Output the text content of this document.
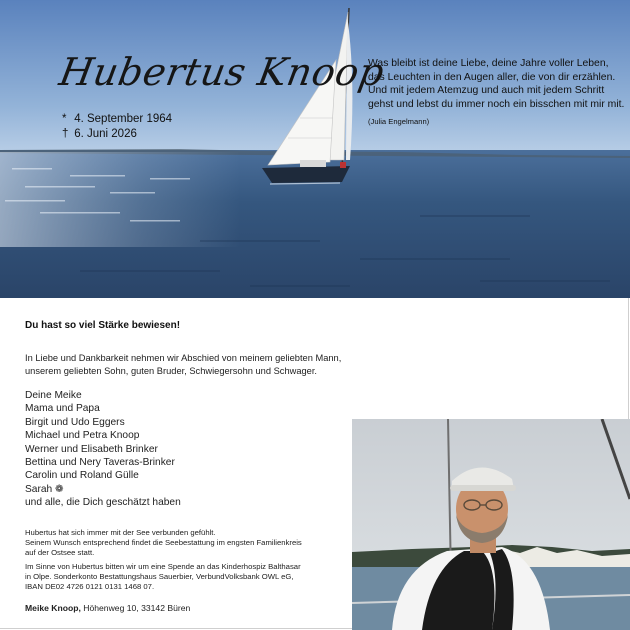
Hubertus Knoop
* 4. September 1964
† 6. Juni 2026
Was bleibt ist deine Liebe, deine Jahre voller Leben,
das Leuchten in den Augen aller, die von dir erzählen.
Und mit jedem Atemzug und auch mit jedem Schritt
gehst und lebst du immer noch ein bisschen mit mir mit.
(Julia Engelmann)
Du hast so viel Stärke bewiesen!
In Liebe und Dankbarkeit nehmen wir Abschied von meinem geliebten Mann,
unserem geliebten Sohn, guten Bruder, Schwiegersohn und Schwager.
Deine Meike
Mama und Papa
Birgit und Udo Eggers
Michael und Petra Knoop
Werner und Elisabeth Brinker
Bettina und Nery Taveras-Brinker
Carolin und Roland Gülle
Sarah ❁
und alle, die Dich geschätzt haben
Hubertus hat sich immer mit der See verbunden gefühlt.
Seinem Wunsch entsprechend findet die Seebestattung im engsten Familienkreis
auf der Ostsee statt.
Im Sinne von Hubertus bitten wir um eine Spende an das Kinderhospiz Balthasar
in Olpe. Sonderkonto Bestattungshaus Sauerbier, VerbundVolksbank OWL eG,
IBAN DE02 4726 0121 0131 1468 07.
Meike Knoop, Höhenweg 10, 33142 Büren
